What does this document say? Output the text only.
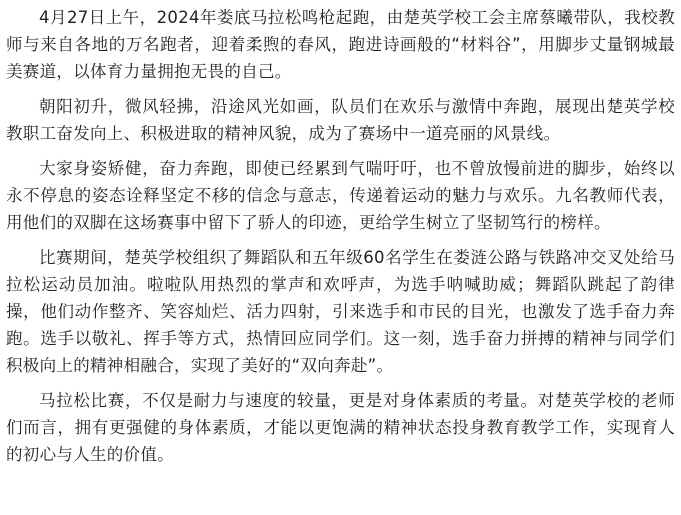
4月27日上午，2024年娄底马拉松鸣枪起跑，由楚英学校工会主席蔡曦带队，我校教师与来自各地的万名跑者，迎着柔煦的春风，跑进诗画般的“材料谷”，用脚步丈量钢城最美赛道，以体育力量拥抱无畏的自己。

朝阳初升，微风轻拂，沿途风光如画，队员们在欢乐与激情中奔跑，展现出楚英学校教职工奋发向上、积极进取的精神风貌，成为了赛场中一道亮丽的风景线。

大家身姿矫健，奋力奔跑，即使已经累到气喘吁吁，也不曾放慢前进的脚步，始终以永不停息的姿态诠释坚定不移的信念与意志，传递着运动的魅力与欢乐。九名教师代表，用他们的双脚在这场赛事中留下了骄人的印迹，更给学生树立了坚韧笃行的榜样。

比赛期间，楚英学校组织了舞蹈队和五年级60名学生在娄涟公路与铁路冲交叉处给马拉松运动员加油。啦啦队用热烈的掌声和欢呼声，为选手呐喊助威；舞蹈队跳起了韵律操，他们动作整齐、笑容灿烂、活力四射，引来选手和市民的目光，也激发了选手奋力奔跑。选手以敬礼、挥手等方式，热情回应同学们。这一刻，选手奋力拼搏的精神与同学们积极向上的精神相融合，实现了美好的“双向奔赴”。

马拉松比赛，不仅是耐力与速度的较量，更是对身体素质的考量。对楚英学校的老师们而言，拥有更强健的身体素质，才能以更饱满的精神状态投身教育教学工作，实现育人的初心与人生的价值。
